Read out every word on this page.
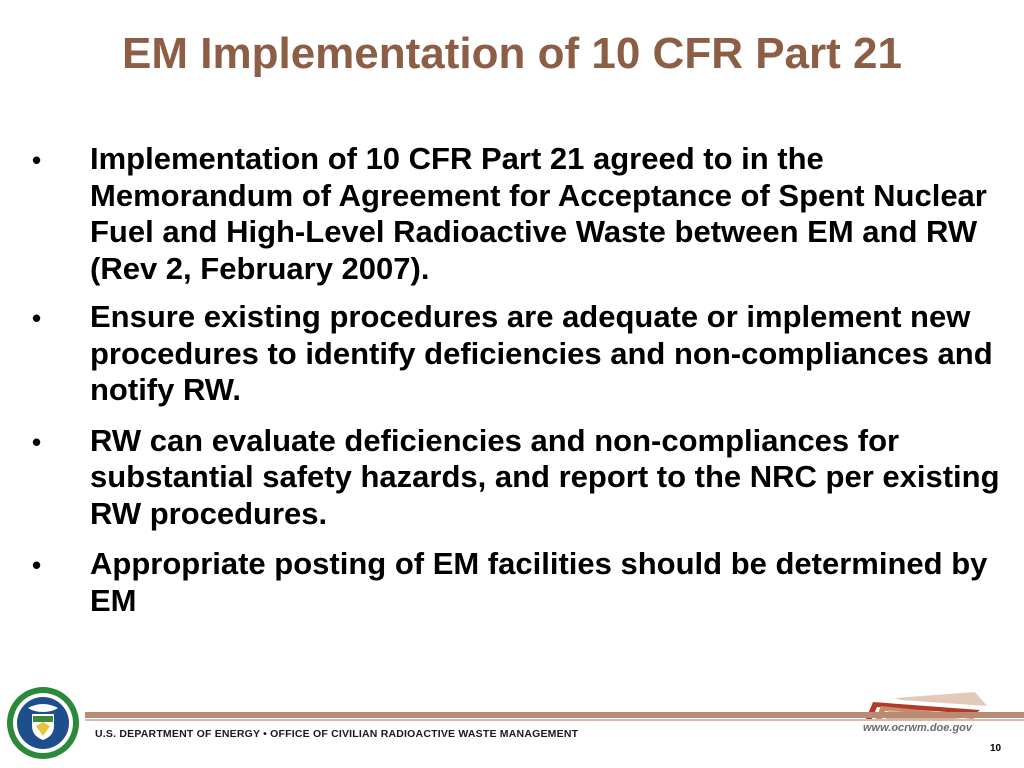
EM Implementation of 10 CFR Part 21
• Implementation of 10 CFR Part 21 agreed to in the Memorandum of Agreement for Acceptance of Spent Nuclear Fuel and High-Level Radioactive Waste between EM and RW (Rev 2, February 2007).
• Ensure existing procedures are adequate or implement new procedures to identify deficiencies and non-compliances and notify RW.
• RW can evaluate deficiencies and non-compliances for substantial safety hazards, and report to the NRC per existing RW procedures.
• Appropriate posting of EM facilities should be determined by EM
U.S. DEPARTMENT OF ENERGY • OFFICE OF CIVILIAN RADIOACTIVE WASTE MANAGEMENT	www.ocrwm.doe.gov
10
